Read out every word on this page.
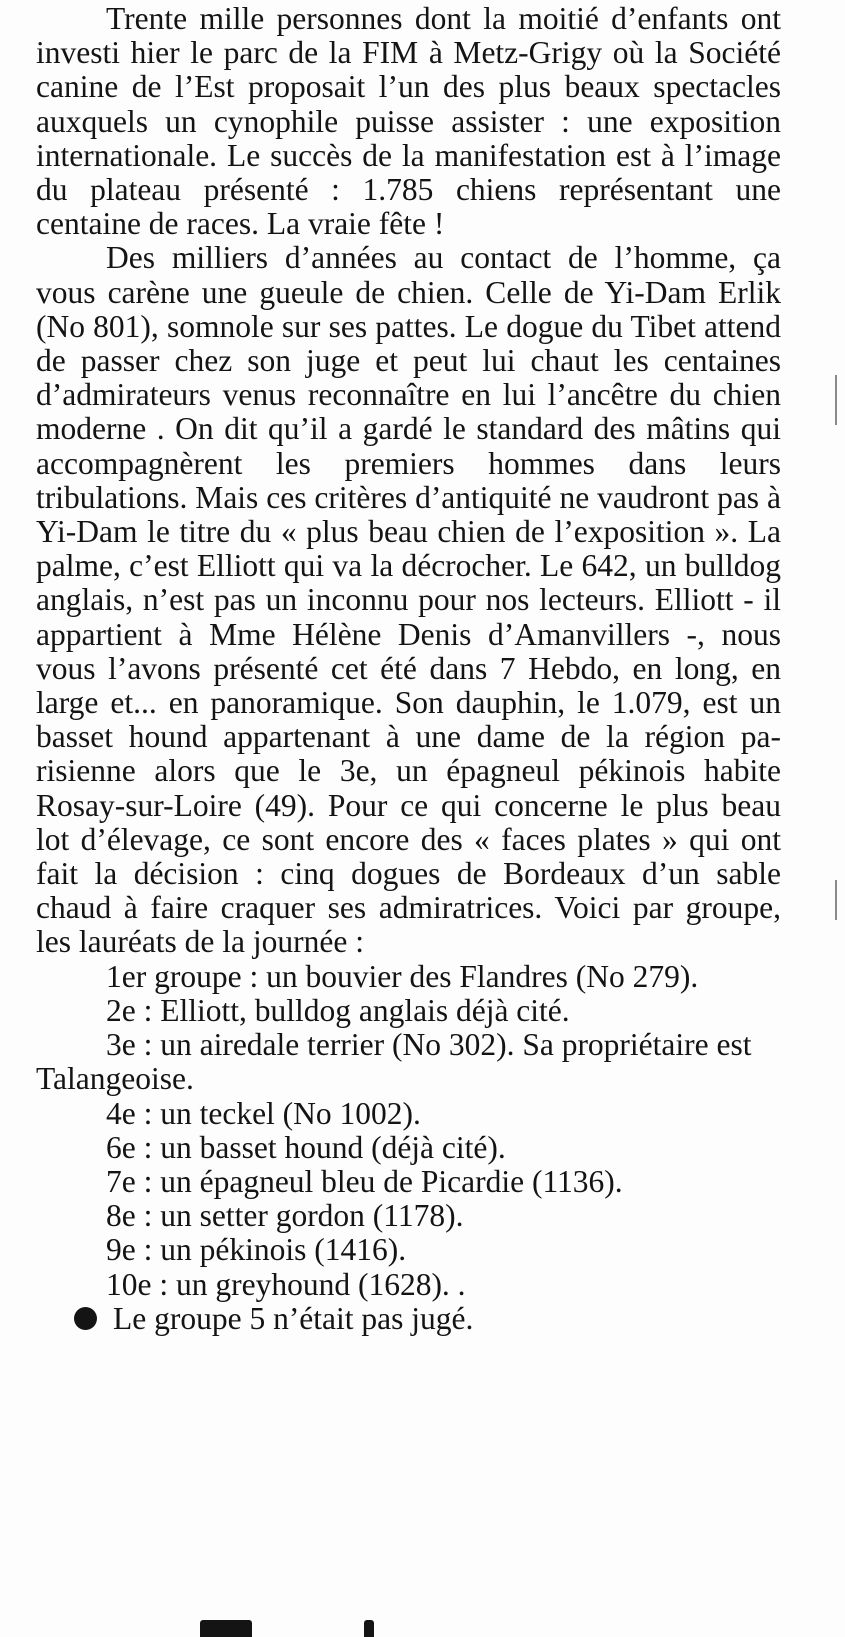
Trente mille personnes dont la moitié d’enfants ont investi hier le parc de la FIM à Metz-Grigy où la Société canine de l’Est proposait l’un des plus beaux spectacles auxquels un cynophile puisse assister : une exposition internationale. Le succès de la manifestation est à l’image du plateau présenté : 1.785 chiens représentant une centaine de races. La vraie fête !

Des milliers d’années au contact de l’homme, ça vous carène une gueule de chien. Celle de Yi-Dam Erlik (No 801), somnole sur ses pattes. Le dogue du Tibet attend de passer chez son juge et peut lui chaut les centaines d’admirateurs venus reconnaître en lui l’ancêtre du chien moderne . On dit qu’il a gardé le standard des mâtins qui accompagnèrent les premiers hommes dans leurs tribulations. Mais ces critères d’antiquité ne vaudront pas à Yi-Dam le titre du « plus beau chien de l’exposition ». La palme, c’est Elliott qui va la décrocher. Le 642, un bulldog anglais, n’est pas un inconnu pour nos lecteurs. Elliott - il appartient à Mme Hélène Denis d’Amanvillers -, nous vous l’avons présenté cet été dans 7 Hebdo, en long, en large et... en panoramique. Son dauphin, le 1.079, est un basset hound appartenant à une dame de la région parisienne alors que le 3e, un épagneul pékinois habite Rosay-sur-Loire (49). Pour ce qui concerne le plus beau lot d’élevage, ce sont encore des « faces plates » qui ont fait la décision : cinq dogues de Bordeaux d’un sable chaud à faire craquer ses admiratrices. Voici par groupe, les lauréats de la journée :

1er groupe : un bouvier des Flandres (No 279).

2e : Elliott, bulldog anglais déjà cité.

3e : un airedale terrier (No 302). Sa propriétaire est Talangeoise.

4e : un teckel (No 1002).

6e : un basset hound (déjà cité).

7e : un épagneul bleu de Picardie (1136).

8e : un setter gordon (1178).

9e : un pékinois (1416).

10e : un greyhound (1628). .

Le groupe 5 n’était pas jugé.
